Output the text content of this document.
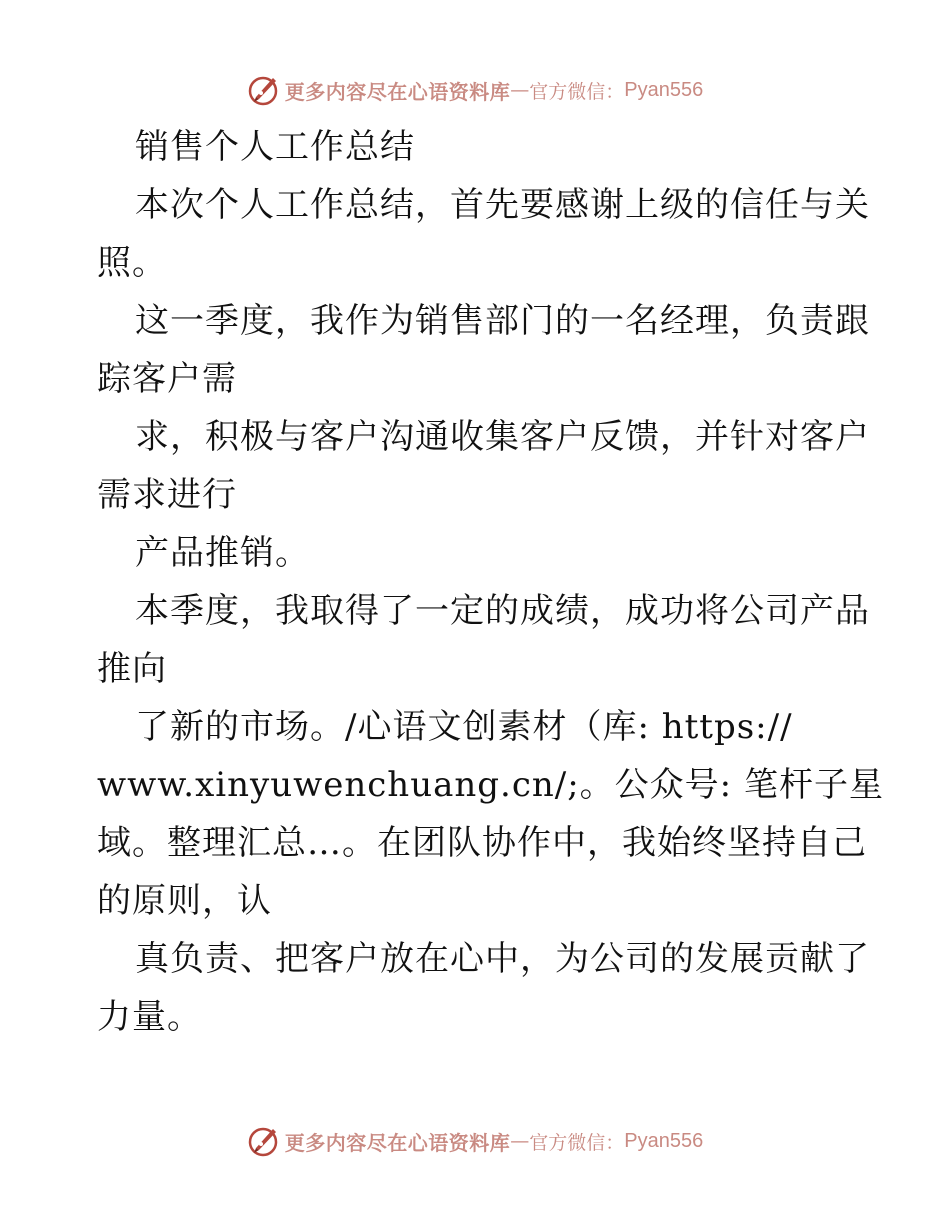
更多内容尽在心语资料库 — 官方微信： Pyan556
销售个人工作总结
本次个人工作总结，首先要感谢上级的信任与关
照。
这一季度，我作为销售部门的一名经理，负责跟
踪客户需
求，积极与客户沟通收集客户反馈，并针对客户
需求进行
产品推销。
本季度，我取得了一定的成绩，成功将公司产品
推向
了新的市场。/心语文创素材（库: https://
www.xinyuwenchuang.cn/;。公众号: 笔杆子星
域。整理汇总…。在团队协作中，我始终坚持自己
的原则，认
真负责、把客户放在心中，为公司的发展贡献了
力量。
更多内容尽在心语资料库 — 官方微信： Pyan556
